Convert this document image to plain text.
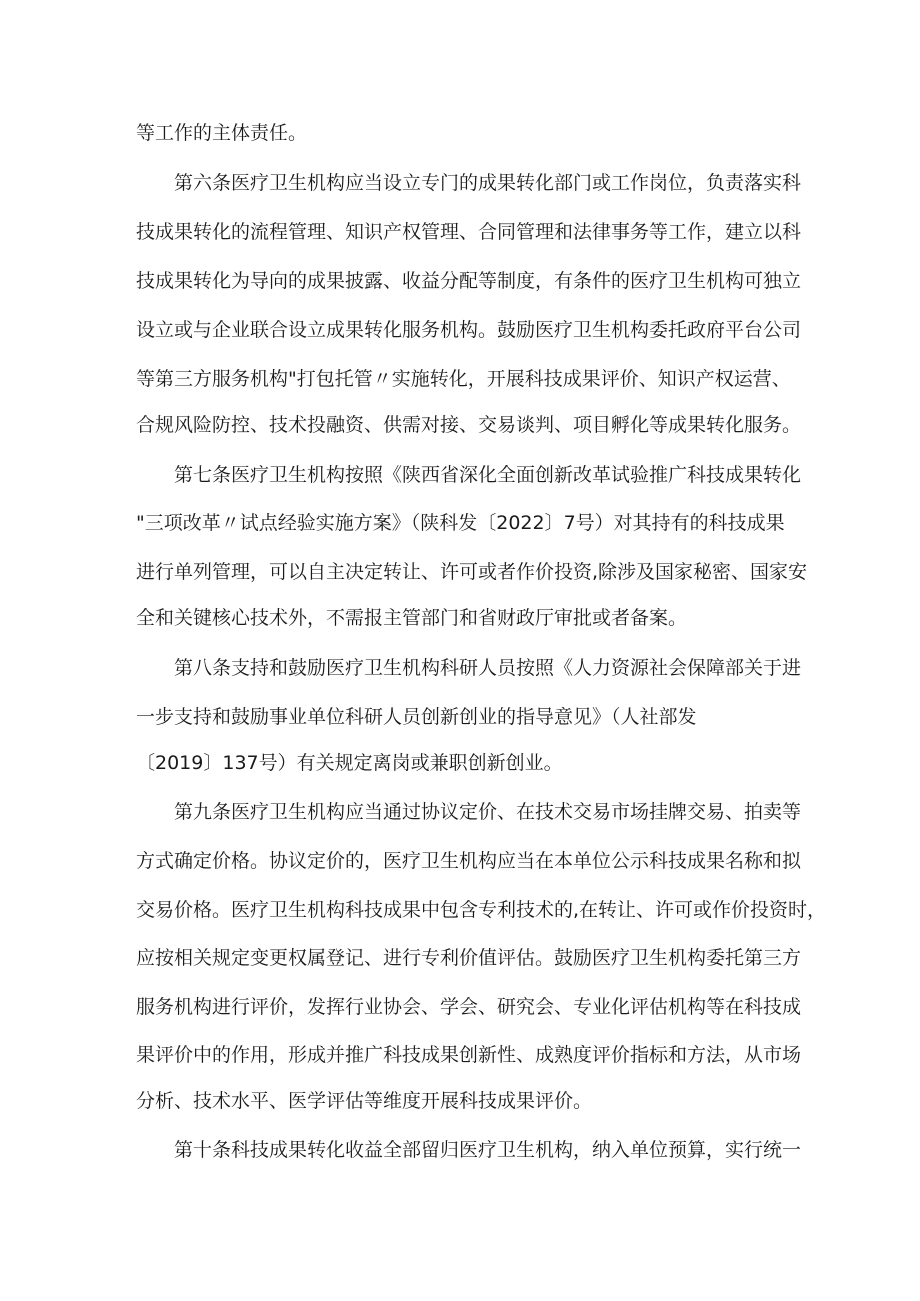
等工作的主体责任。
第六条医疗卫生机构应当设立专门的成果转化部门或工作岗位，负责落实科
技成果转化的流程管理、知识产权管理、合同管理和法律事务等工作，建立以科
技成果转化为导向的成果披露、收益分配等制度，有条件的医疗卫生机构可独立
设立或与企业联合设立成果转化服务机构。鼓励医疗卫生机构委托政府平台公司
等第三方服务机构"打包托管〃实施转化，开展科技成果评价、知识产权运营、
合规风险防控、技术投融资、供需对接、交易谈判、项目孵化等成果转化服务。
第七条医疗卫生机构按照《陕西省深化全面创新改革试验推广科技成果转化
"三项改革〃试点经验实施方案》（陕科发〔2022〕7号）对其持有的科技成果
进行单列管理，可以自主决定转让、许可或者作价投资,除涉及国家秘密、国家安
全和关键核心技术外，不需报主管部门和省财政厅审批或者备案。
第八条支持和鼓励医疗卫生机构科研人员按照《人力资源社会保障部关于进
一步支持和鼓励事业单位科研人员创新创业的指导意见》（人社部发
〔2019〕137号）有关规定离岗或兼职创新创业。
第九条医疗卫生机构应当通过协议定价、在技术交易市场挂牌交易、拍卖等
方式确定价格。协议定价的，医疗卫生机构应当在本单位公示科技成果名称和拟
交易价格。医疗卫生机构科技成果中包含专利技术的,在转让、许可或作价投资时，
应按相关规定变更权属登记、进行专利价值评估。鼓励医疗卫生机构委托第三方
服务机构进行评价，发挥行业协会、学会、研究会、专业化评估机构等在科技成
果评价中的作用，形成并推广科技成果创新性、成熟度评价指标和方法，从市场
分析、技术水平、医学评估等维度开展科技成果评价。
第十条科技成果转化收益全部留归医疗卫生机构，纳入单位预算，实行统一
